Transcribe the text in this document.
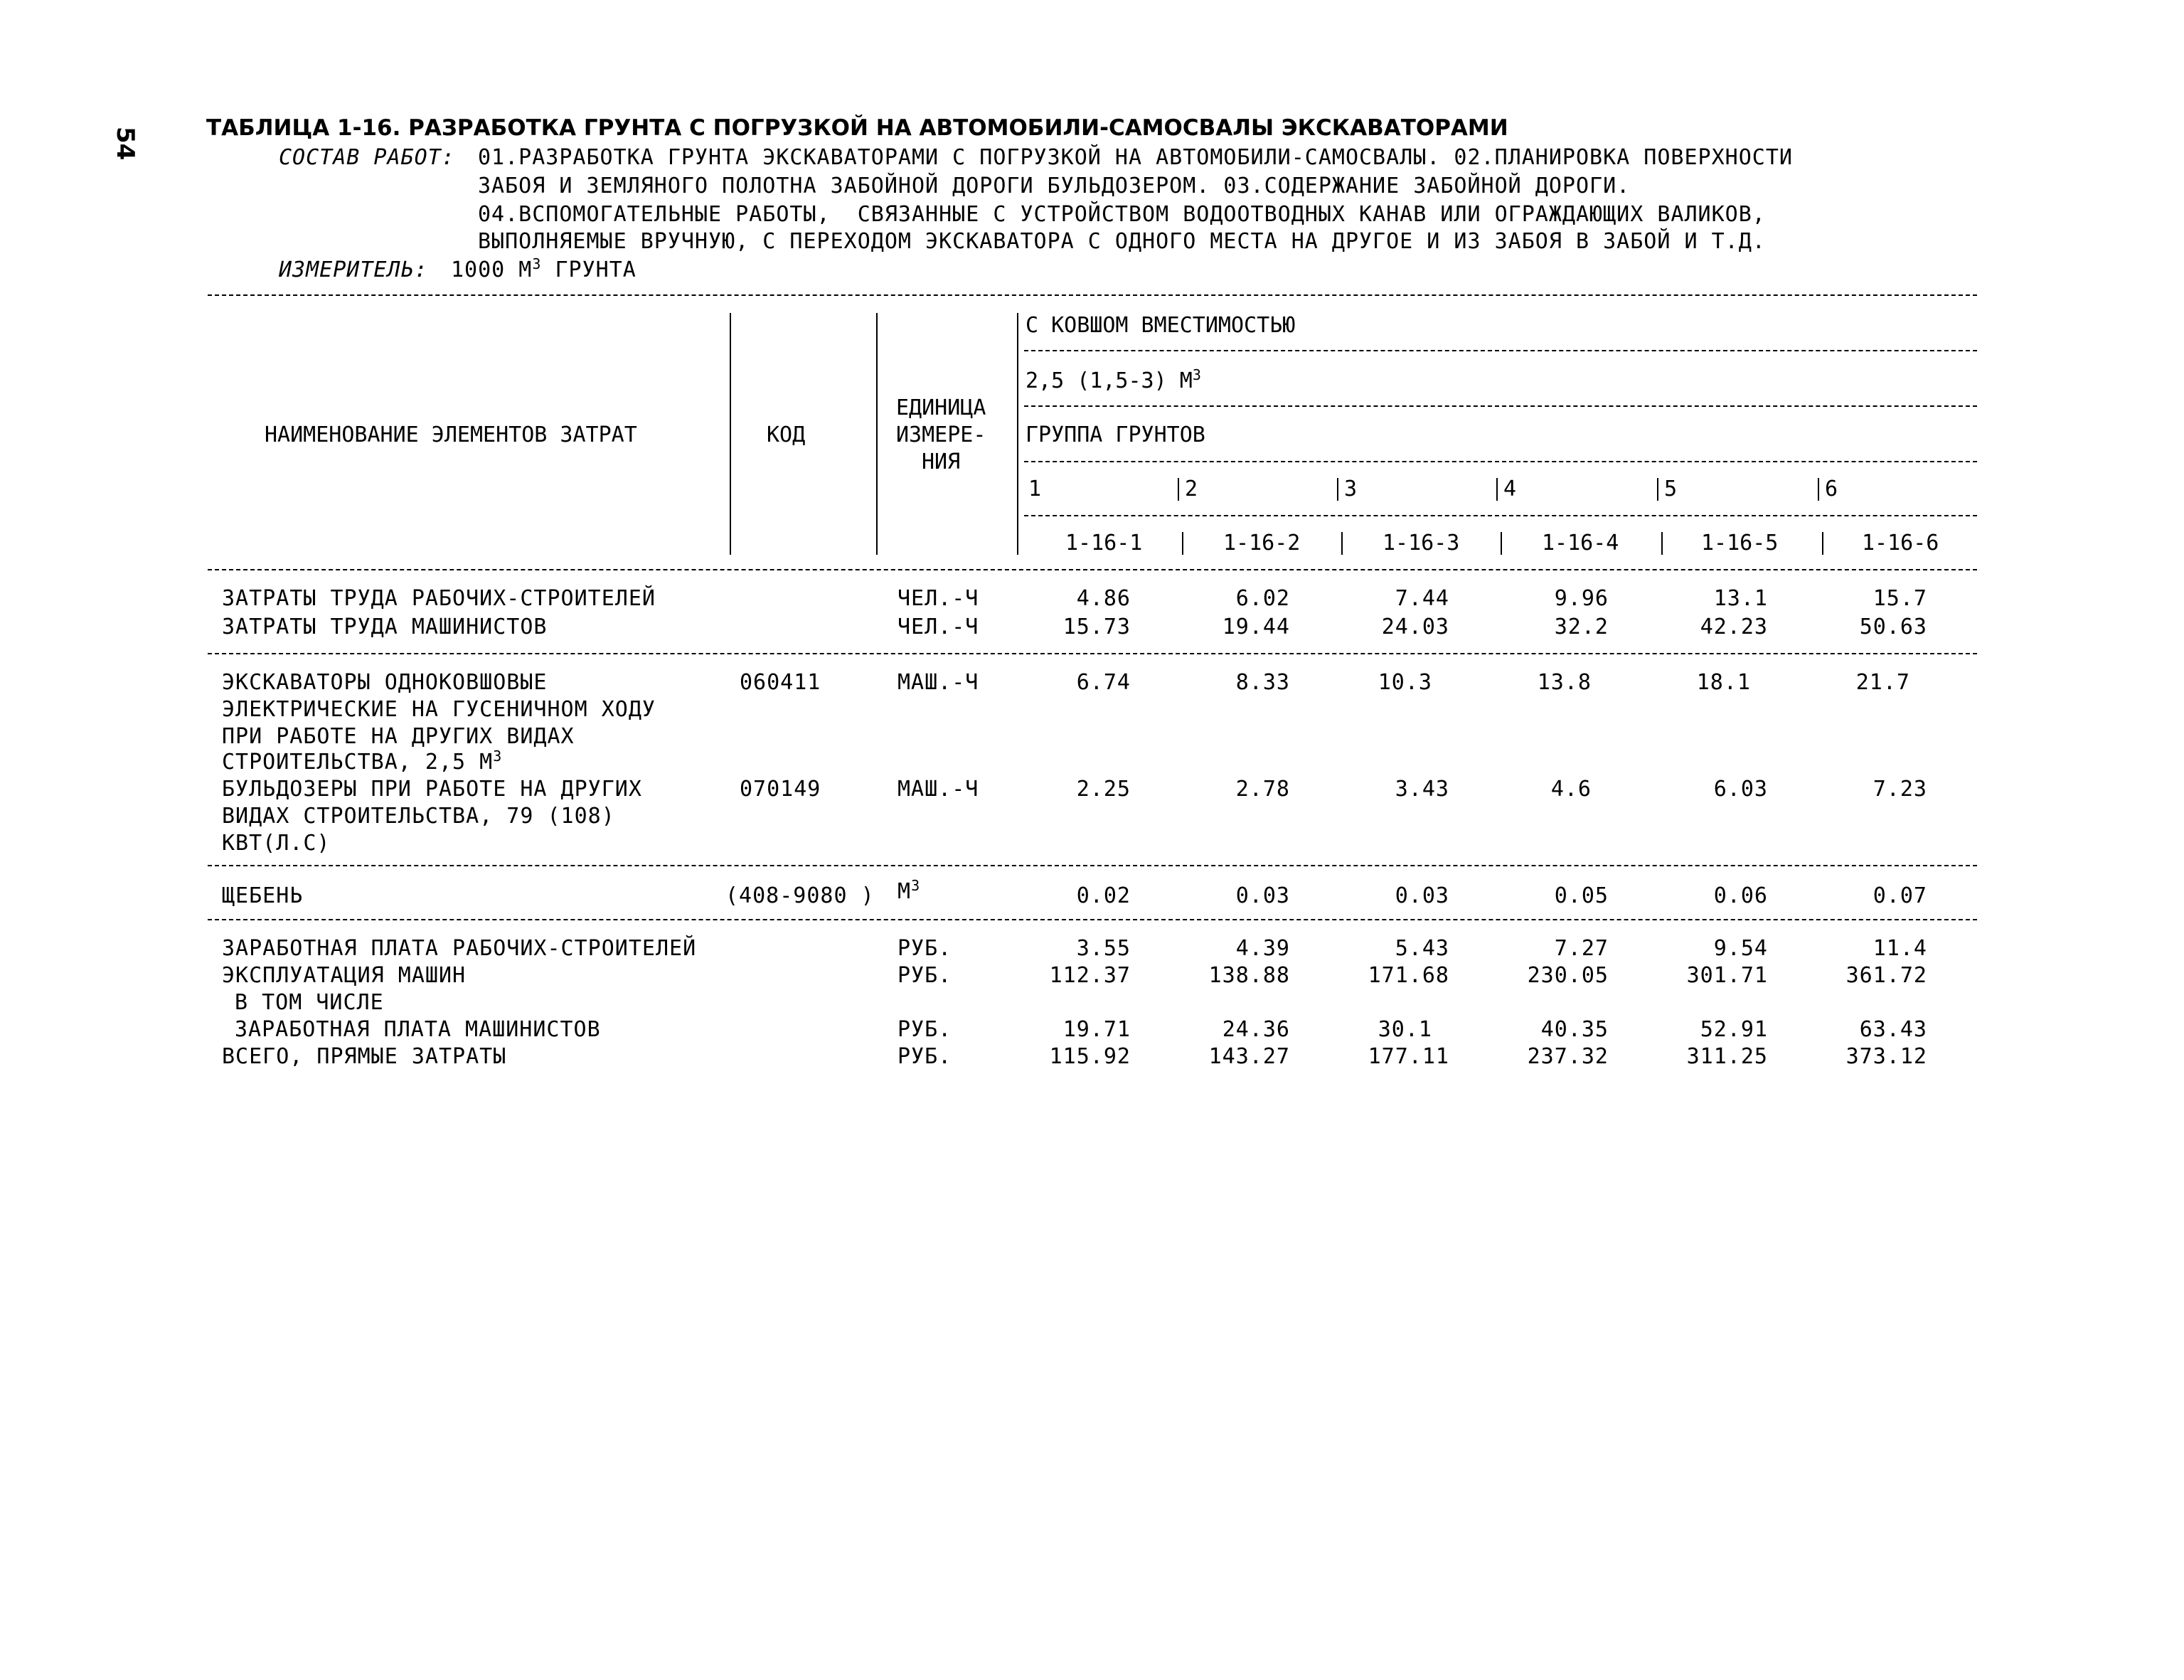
54	ТАБЛИЦА 1-16. РАЗРАБОТКА ГРУНТА С ПОГРУЗКОЙ НА АВТОМОБИЛИ-САМОСВАЛЫ ЭКСКАВАТОРАМИ
СОСТАВ РАБОТ: 01.РАЗРАБОТКА ГРУНТА ЭКСКАВАТОРАМИ С ПОГРУЗКОЙ НА АВТОМОБИЛИ-САМОСВАЛЫ. 02.ПЛАНИРОВКА ПОВЕРХНОСТИ
ЗАБОЯ И ЗЕМЛЯНОГО ПОЛОТНА ЗАБОЙНОЙ ДОРОГИ БУЛЬДОЗЕРОМ. 03.СОДЕРЖАНИЕ ЗАБОЙНОЙ ДОРОГИ.
04.ВСПОМОГАТЕЛЬНЫЕ РАБОТЫ,  СВЯЗАННЫЕ С УСТРОЙСТВОМ ВОДООТВОДНЫХ КАНАВ ИЛИ ОГРАЖДАЮЩИХ ВАЛИКОВ,
ВЫПОЛНЯЕМЫЕ ВРУЧНУЮ, С ПЕРЕХОДОМ ЭКСКАВАТОРА С ОДНОГО МЕСТА НА ДРУГОЕ И ИЗ ЗАБОЯ В ЗАБОЙ И Т.Д.
ИЗМЕРИТЕЛЬ: 1000 $М^3$ ГРУНТА
НАИМЕНОВАНИЕ ЭЛЕМЕНТОВ ЗАТРАТ	КОД
ЕДИНИЦА
ИЗМЕРЕ-
НИЯ
С КОВШОМ ВМЕСТИМОСТЬЮ
2,5 (1,5-3) $М^3$
ГРУППА ГРУНТОВ
1	2	3	4	5	6
1-16-1	1-16-2	1-16-3	1-16-4	1-16-5	1-16-6
ЗАТРАТЫ ТРУДА РАБОЧИХ-СТРОИТЕЛЕЙ	ЧЕЛ.-Ч	4.86	6.02	7.44	9.96	13.1	15.7
ЗАТРАТЫ ТРУДА МАШИНИСТОВ	ЧЕЛ.-Ч	15.73	19.44	24.03	32.2	42.23	50.63
ЭКСКАВАТОРЫ ОДНОКОВШОВЫЕ
ЭЛЕКТРИЧЕСКИЕ НА ГУСЕНИЧНОМ ХОДУ
ПРИ РАБОТЕ НА ДРУГИХ ВИДАХ
СТРОИТЕЛЬСТВА, 2,5 $М^3$
060411	МАШ.-Ч	6.74	8.33	10.3	13.8	18.1	21.7
БУЛЬДОЗЕРЫ ПРИ РАБОТЕ НА ДРУГИХ
ВИДАХ СТРОИТЕЛЬСТВА, 79 (108)
КВТ(Л.С)
070149	МАШ.-Ч	2.25	2.78	3.43	4.6	6.03	7.23
ЩЕБЕНЬ	(408-9080 ) $М^3$	0.02	0.03	0.03	0.05	0.06	0.07
ЗАРАБОТНАЯ ПЛАТА РАБОЧИХ-СТРОИТЕЛЕЙ	РУБ.	3.55	4.39	5.43	7.27	9.54	11.4
ЭКСПЛУАТАЦИЯ МАШИН	РУБ.	112.37	138.88	171.68	230.05	301.71	361.72
В ТОМ ЧИСЛЕ
ЗАРАБОТНАЯ ПЛАТА МАШИНИСТОВ	РУБ.	19.71	24.36	30.1	40.35	52.91	63.43
ВСЕГО, ПРЯМЫЕ ЗАТРАТЫ	РУБ.	115.92	143.27	177.11	237.32	311.25	373.12
